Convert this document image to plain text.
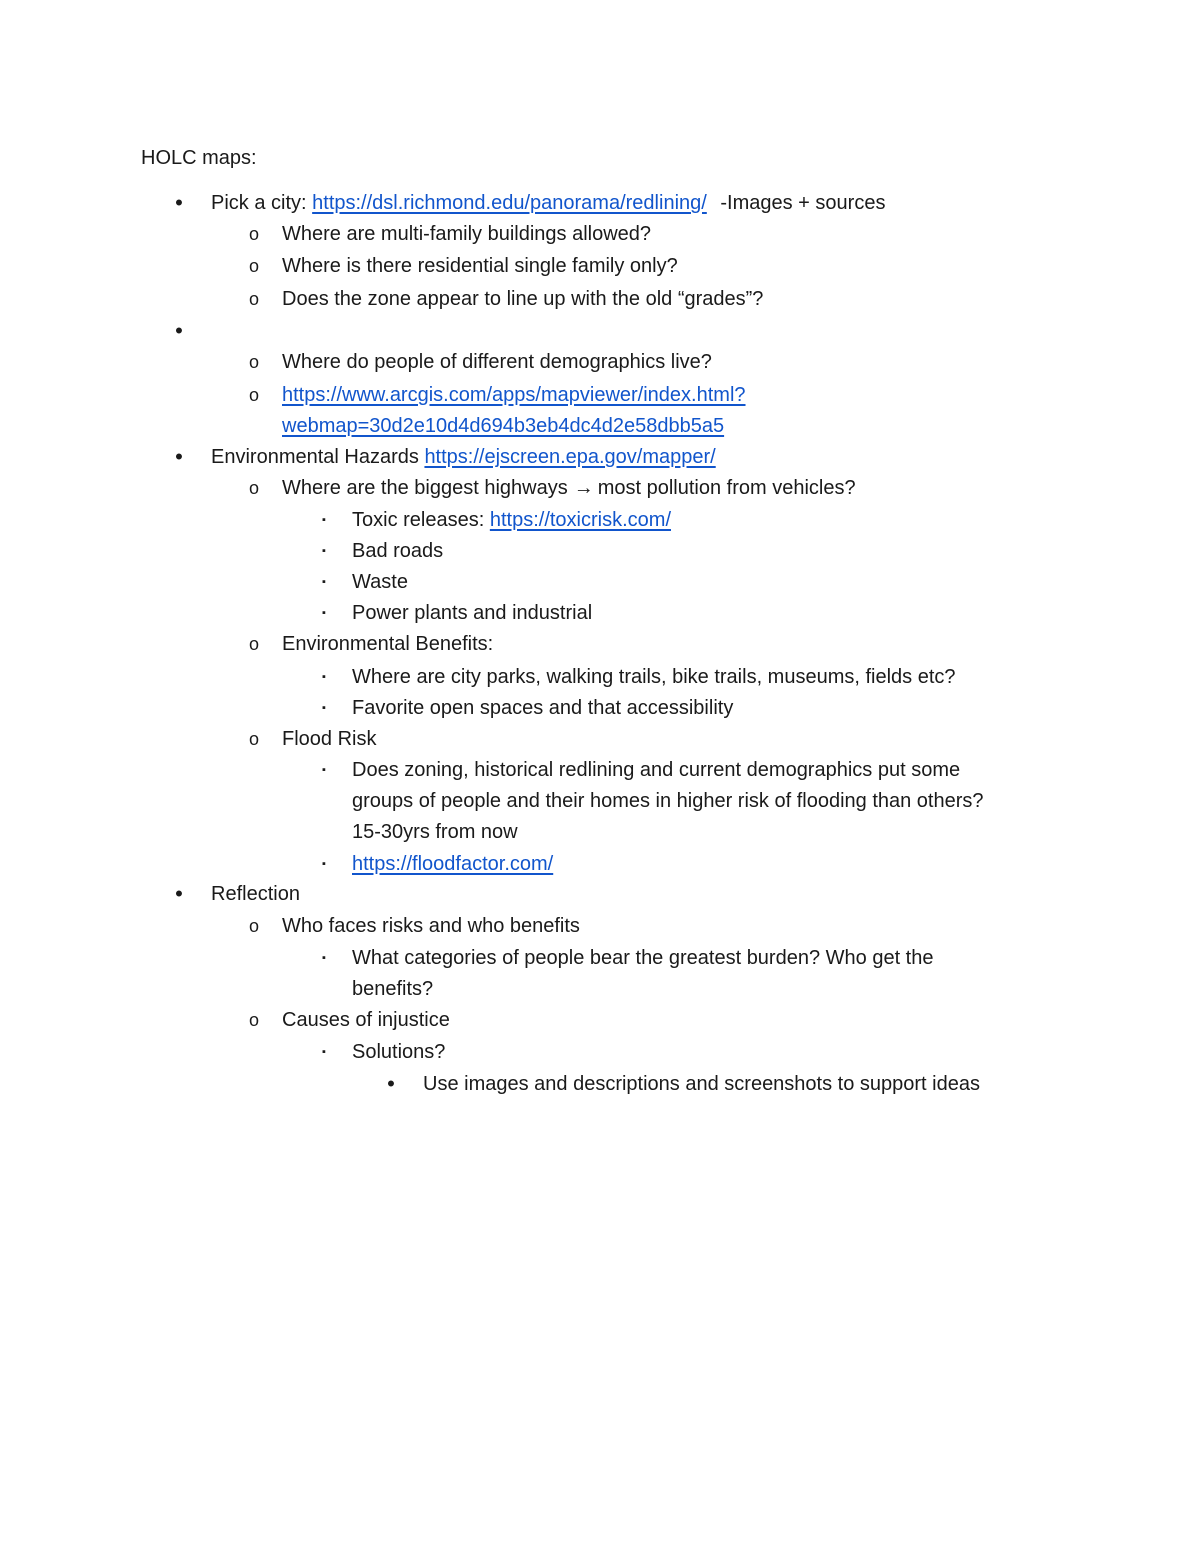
HOLC maps:
• Pick a city: https://dsl.richmond.edu/panorama/redlining/ -Images + sources
o Where are multi-family buildings allowed?
o Where is there residential single family only?
o Does the zone appear to line up with the old “grades”?
•
o Where do people of different demographics live?
o https://www.arcgis.com/apps/mapviewer/index.html?
webmap=30d2e10d4d694b3eb4dc4d2e58dbb5a5
• Environmental Hazards https://ejscreen.epa.gov/mapper/
o Where are the biggest highways → most pollution from vehicles?
▪	Toxic releases: https://toxicrisk.com/
▪	Bad roads
▪	Waste
▪	Power plants and industrial
o Environmental Benefits:
▪	Where are city parks, walking trails, bike trails, museums, fields etc?
▪	Favorite open spaces and that accessibility
o Flood Risk
▪	Does zoning, historical redlining and current demographics put some
groups of people and their homes in higher risk of flooding than others?
15-30yrs from now
▪	https://floodfactor.com/
• Reflection
o Who faces risks and who benefits
▪	What categories of people bear the greatest burden? Who get the
benefits?
o Causes of injustice
▪	Solutions?
• Use images and descriptions and screenshots to support ideas
